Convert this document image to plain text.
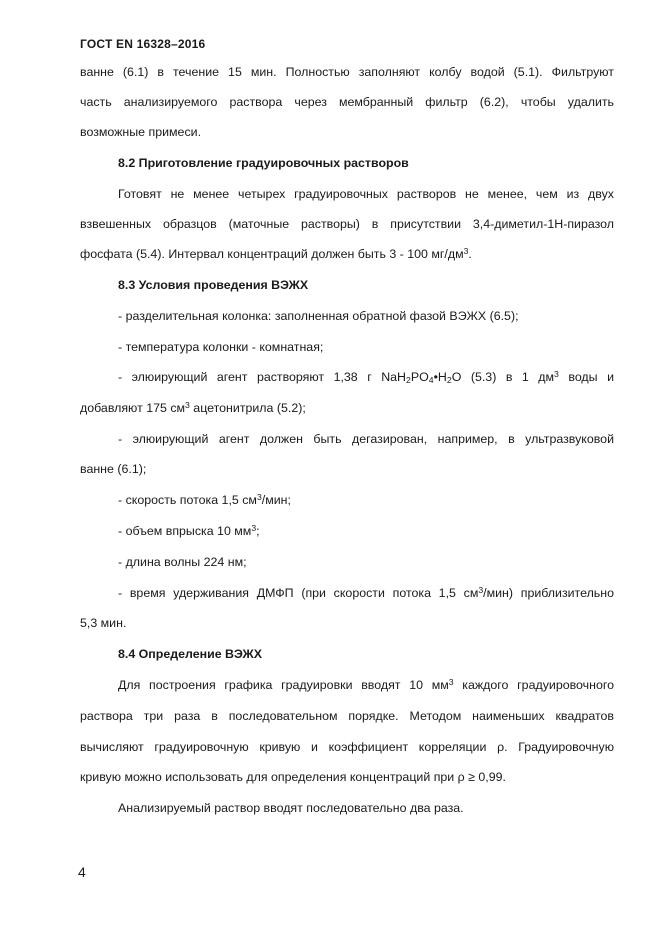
ГОСТ EN 16328–2016
ванне (6.1) в течение 15 мин. Полностью заполняют колбу водой (5.1). Фильтруют
часть анализируемого раствора через мембранный фильтр (6.2), чтобы удалить
возможные примеси.
8.2 Приготовление градуировочных растворов
Готовят не менее четырех градуировочных растворов не менее, чем из двух
взвешенных образцов (маточные растворы) в присутствии 3,4-диметил-1Н-пиразол
фосфата (5.4). Интервал концентраций должен быть 3 - 100 $мг/дм^3$.
8.3 Условия проведения ВЭЖХ
- разделительная колонка: заполненная обратной фазой ВЭЖХ (6.5);
- температура колонки - комнатная;
- элюирующий агент растворяют 1,38 г $NaH_2PO_4•H_2O$ (5.3) в 1 $дм^3$ воды и
добавляют 175 $см^3$ ацетонитрила (5.2);
- элюирующий агент должен быть дегазирован, например, в ультразвуковой
ванне (6.1);
- скорость потока 1,5 $см^3$/мин;
- объем впрыска 10 $мм^3$;
- длина волны 224 нм;
- время удерживания ДМФП (при скорости потока 1,5 $см^3/мин$) приблизительно
5,3 мин.
8.4 Определение ВЭЖХ
Для построения графика градуировки вводят 10 $мм^3$ каждого градуировочного
раствора три раза в последовательном порядке. Методом наименьших квадратов
вычисляют градуировочную кривую и коэффициент корреляции ρ. Градуировочную
кривую можно использовать для определения концентраций при ρ ≥ 0,99.
Анализируемый раствор вводят последовательно два раза.
4
